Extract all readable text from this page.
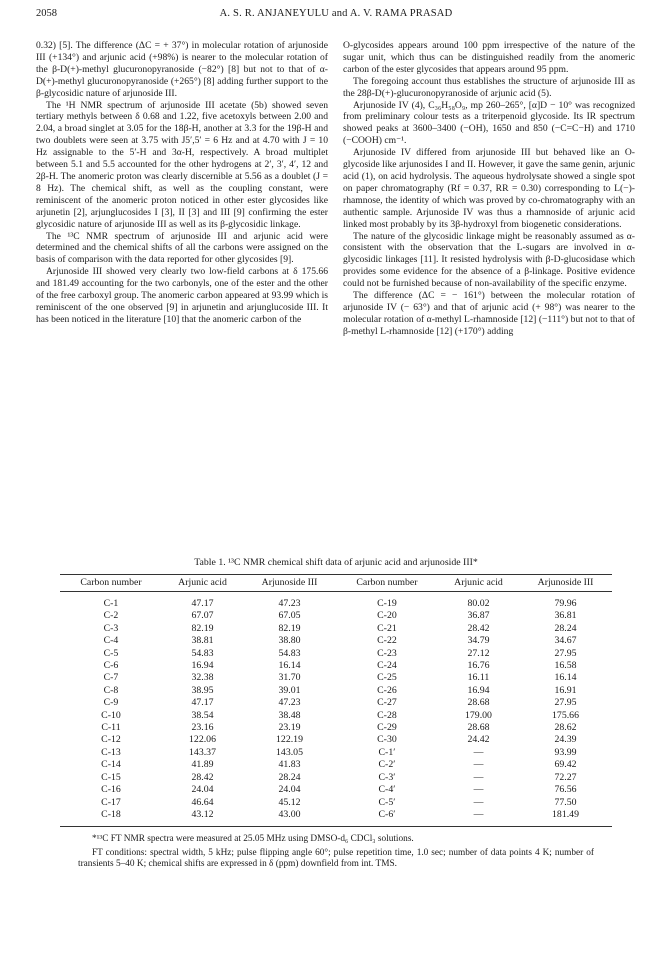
2058	A. S. R. ANJANEYULU and A. V. RAMA PRASAD

0.32) [5]. The difference (ΔC = + 37°) in molecular rotation of arjunoside III (+134°) and arjunic acid (+98%) is nearer to the molecular rotation of the β-D(+)-methyl glucuronopyranoside (−82°) [8] but not to that of α-D(+)-methyl glucuronopyranoside (+265°) [8] adding further support to the β-glycosidic nature of arjunoside III.

The ¹H NMR spectrum of arjunoside III acetate (5b) showed seven tertiary methyls between δ 0.68 and 1.22, five acetoxyls between 2.00 and 2.04, a broad singlet at 3.05 for the 18β-H, another at 3.3 for the 19β-H and two doublets were seen at 3.75 with J5′,5′ = 6 Hz and at 4.70 with J = 10 Hz assignable to the 5′-H and 3α-H, respectively. A broad multiplet between 5.1 and 5.5 accounted for the other hydrogens at 2′, 3′, 4′, 12 and 2β-H. The anomeric proton was clearly discernible at 5.56 as a doublet (J = 8 Hz). The chemical shift, as well as the coupling constant, were reminiscent of the anomeric proton noticed in other ester glycosides like arjunetin [2], arjunglucosides I [3], II [3] and III [9] confirming the ester glycosidic nature of arjunoside III as well as its β-glycosidic linkage.

The ¹³C NMR spectrum of arjunoside III and arjunic acid were determined and the chemical shifts of all the carbons were assigned on the basis of comparison with the data reported for other glycosides [9].

Arjunoside III showed very clearly two low-field carbons at δ 175.66 and 181.49 accounting for the two carbonyls, one of the ester and the other of the free carboxyl group. The anomeric carbon appeared at 93.99 which is reminiscent of the one observed [9] in arjunetin and arjunglucoside III. It has been noticed in the literature [10] that the anomeric carbon of the

O-glycosides appears around 100 ppm irrespective of the nature of the sugar unit, which thus can be distinguished readily from the anomeric carbon of the ester glycosides that appears around 95 ppm.

The foregoing account thus establishes the structure of arjunoside III as the 28β-D(+)-glucuronopyranoside of arjunic acid (5).

Arjunoside IV (4), C₃₆H₅₈O₉, mp 260–265°, [α]D − 10° was recognized from preliminary colour tests as a triterpenoid glycoside. Its IR spectrum showed peaks at 3600–3400 (−OH), 1650 and 850 (−C=C−H) and 1710 (−COOH) cm⁻¹.

Arjunoside IV differed from arjunoside III but behaved like an O-glycoside like arjunosides I and II. However, it gave the same genin, arjunic acid (1), on acid hydrolysis. The aqueous hydrolysate showed a single spot on paper chromatography (Rf = 0.37, RR = 0.30) corresponding to L(−)-rhamnose, the identity of which was proved by co-chromatography with an authentic sample. Arjunoside IV was thus a rhamnoside of arjunic acid linked most probably by its 3β-hydroxyl from biogenetic considerations.

The nature of the glycosidic linkage might be reasonably assumed as α-consistent with the observation that the L-sugars are involved in α-glycosidic linkages [11]. It resisted hydrolysis with β-D-glucosidase which provides some evidence for the absence of a β-linkage. Positive evidence could not be furnished because of non-availability of the specific enzyme.

The difference (ΔC = − 161°) between the molecular rotation of arjunoside IV (− 63°) and that of arjunic acid (+ 98°) was nearer to the molecular rotation of α-methyl L-rhamnoside [12] (−111°) but not to that of β-methyl L-rhamnoside [12] (+170°) adding

Table 1. ¹³C NMR chemical shift data of arjunic acid and arjunoside III*
Carbon number	Arjunic acid	Arjunoside III	Carbon number	Arjunic acid	Arjunoside III
C-1	47.17	47.23	C-19	80.02	79.96
C-2	67.07	67.05	C-20	36.87	36.81
C-3	82.19	82.19	C-21	28.42	28.24
C-4	38.81	38.80	C-22	34.79	34.67
C-5	54.83	54.83	C-23	27.12	27.95
C-6	16.94	16.14	C-24	16.76	16.58
C-7	32.38	31.70	C-25	16.11	16.14
C-8	38.95	39.01	C-26	16.94	16.91
C-9	47.17	47.23	C-27	28.68	27.95
C-10	38.54	38.48	C-28	179.00	175.66
C-11	23.16	23.19	C-29	28.68	28.62
C-12	122.06	122.19	C-30	24.42	24.39
C-13	143.37	143.05	C-1′	—	93.99
C-14	41.89	41.83	C-2′	—	69.42
C-15	28.42	28.24	C-3′	—	72.27
C-16	24.04	24.04	C-4′	—	76.56
C-17	46.64	45.12	C-5′	—	77.50
C-18	43.12	43.00	C-6′	—	181.49

*¹³C FT NMR spectra were measured at 25.05 MHz using DMSO-d₆ CDCl₃ solutions.

FT conditions: spectral width, 5 kHz; pulse flipping angle 60°; pulse repetition time, 1.0 sec; number of data points 4 K; number of transients 5–40 K; chemical shifts are expressed in δ (ppm) downfield from int. TMS.
